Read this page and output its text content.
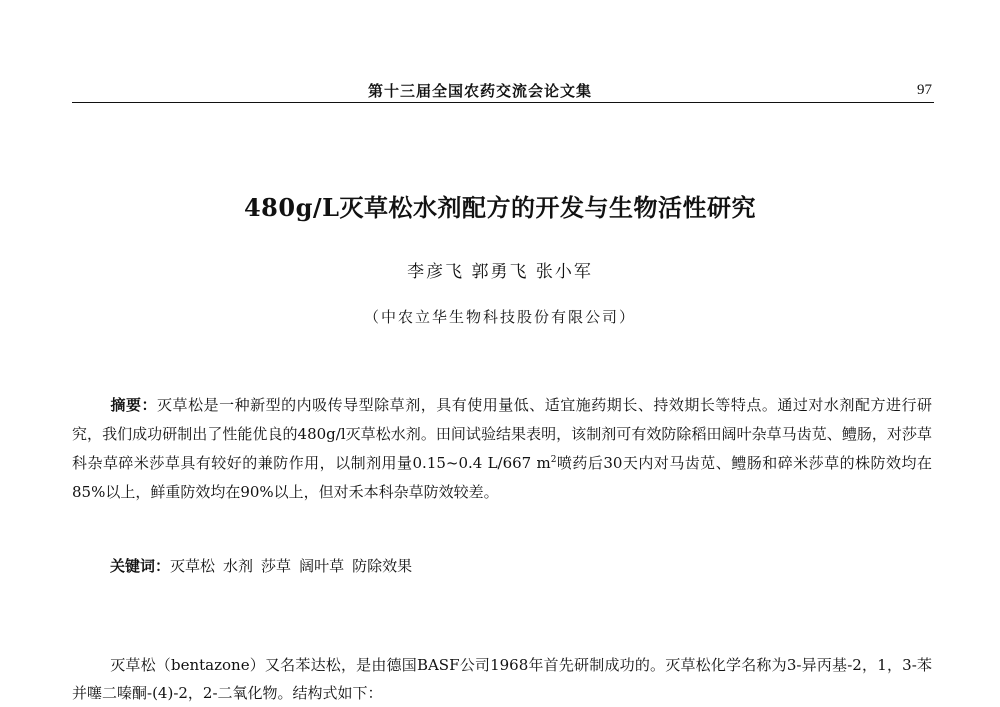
第十三届全国农药交流会论文集	97
480g/L灭草松水剂配方的开发与生物活性研究
李彦飞 郭勇飞 张小军
（中农立华生物科技股份有限公司）
摘要：灭草松是一种新型的内吸传导型除草剂，具有使用量低、适宜施药期长、持效期长等特点。通过对水剂配方进行研究，我们成功研制出了性能优良的480g/l灭草松水剂。田间试验结果表明，该制剂可有效防除稻田阔叶杂草马齿苋、鳢肠，对莎草科杂草碎米莎草具有较好的兼防作用，以制剂用量0.15~0.4 L/667 $m^2$喷药后30天内对马齿苋、鳢肠和碎米莎草的株防效均在85%以上，鲜重防效均在90%以上，但对禾本科杂草防效较差。
关键词：灭草松 水剂 莎草 阔叶草 防除效果
灭草松（bentazone）又名苯达松，是由德国BASF公司1968年首先研制成功的。灭草松化学名称为3-异丙基-2，1，3-苯并噻二嗪酮-(4)-2，2-二氧化物。结构式如下：
